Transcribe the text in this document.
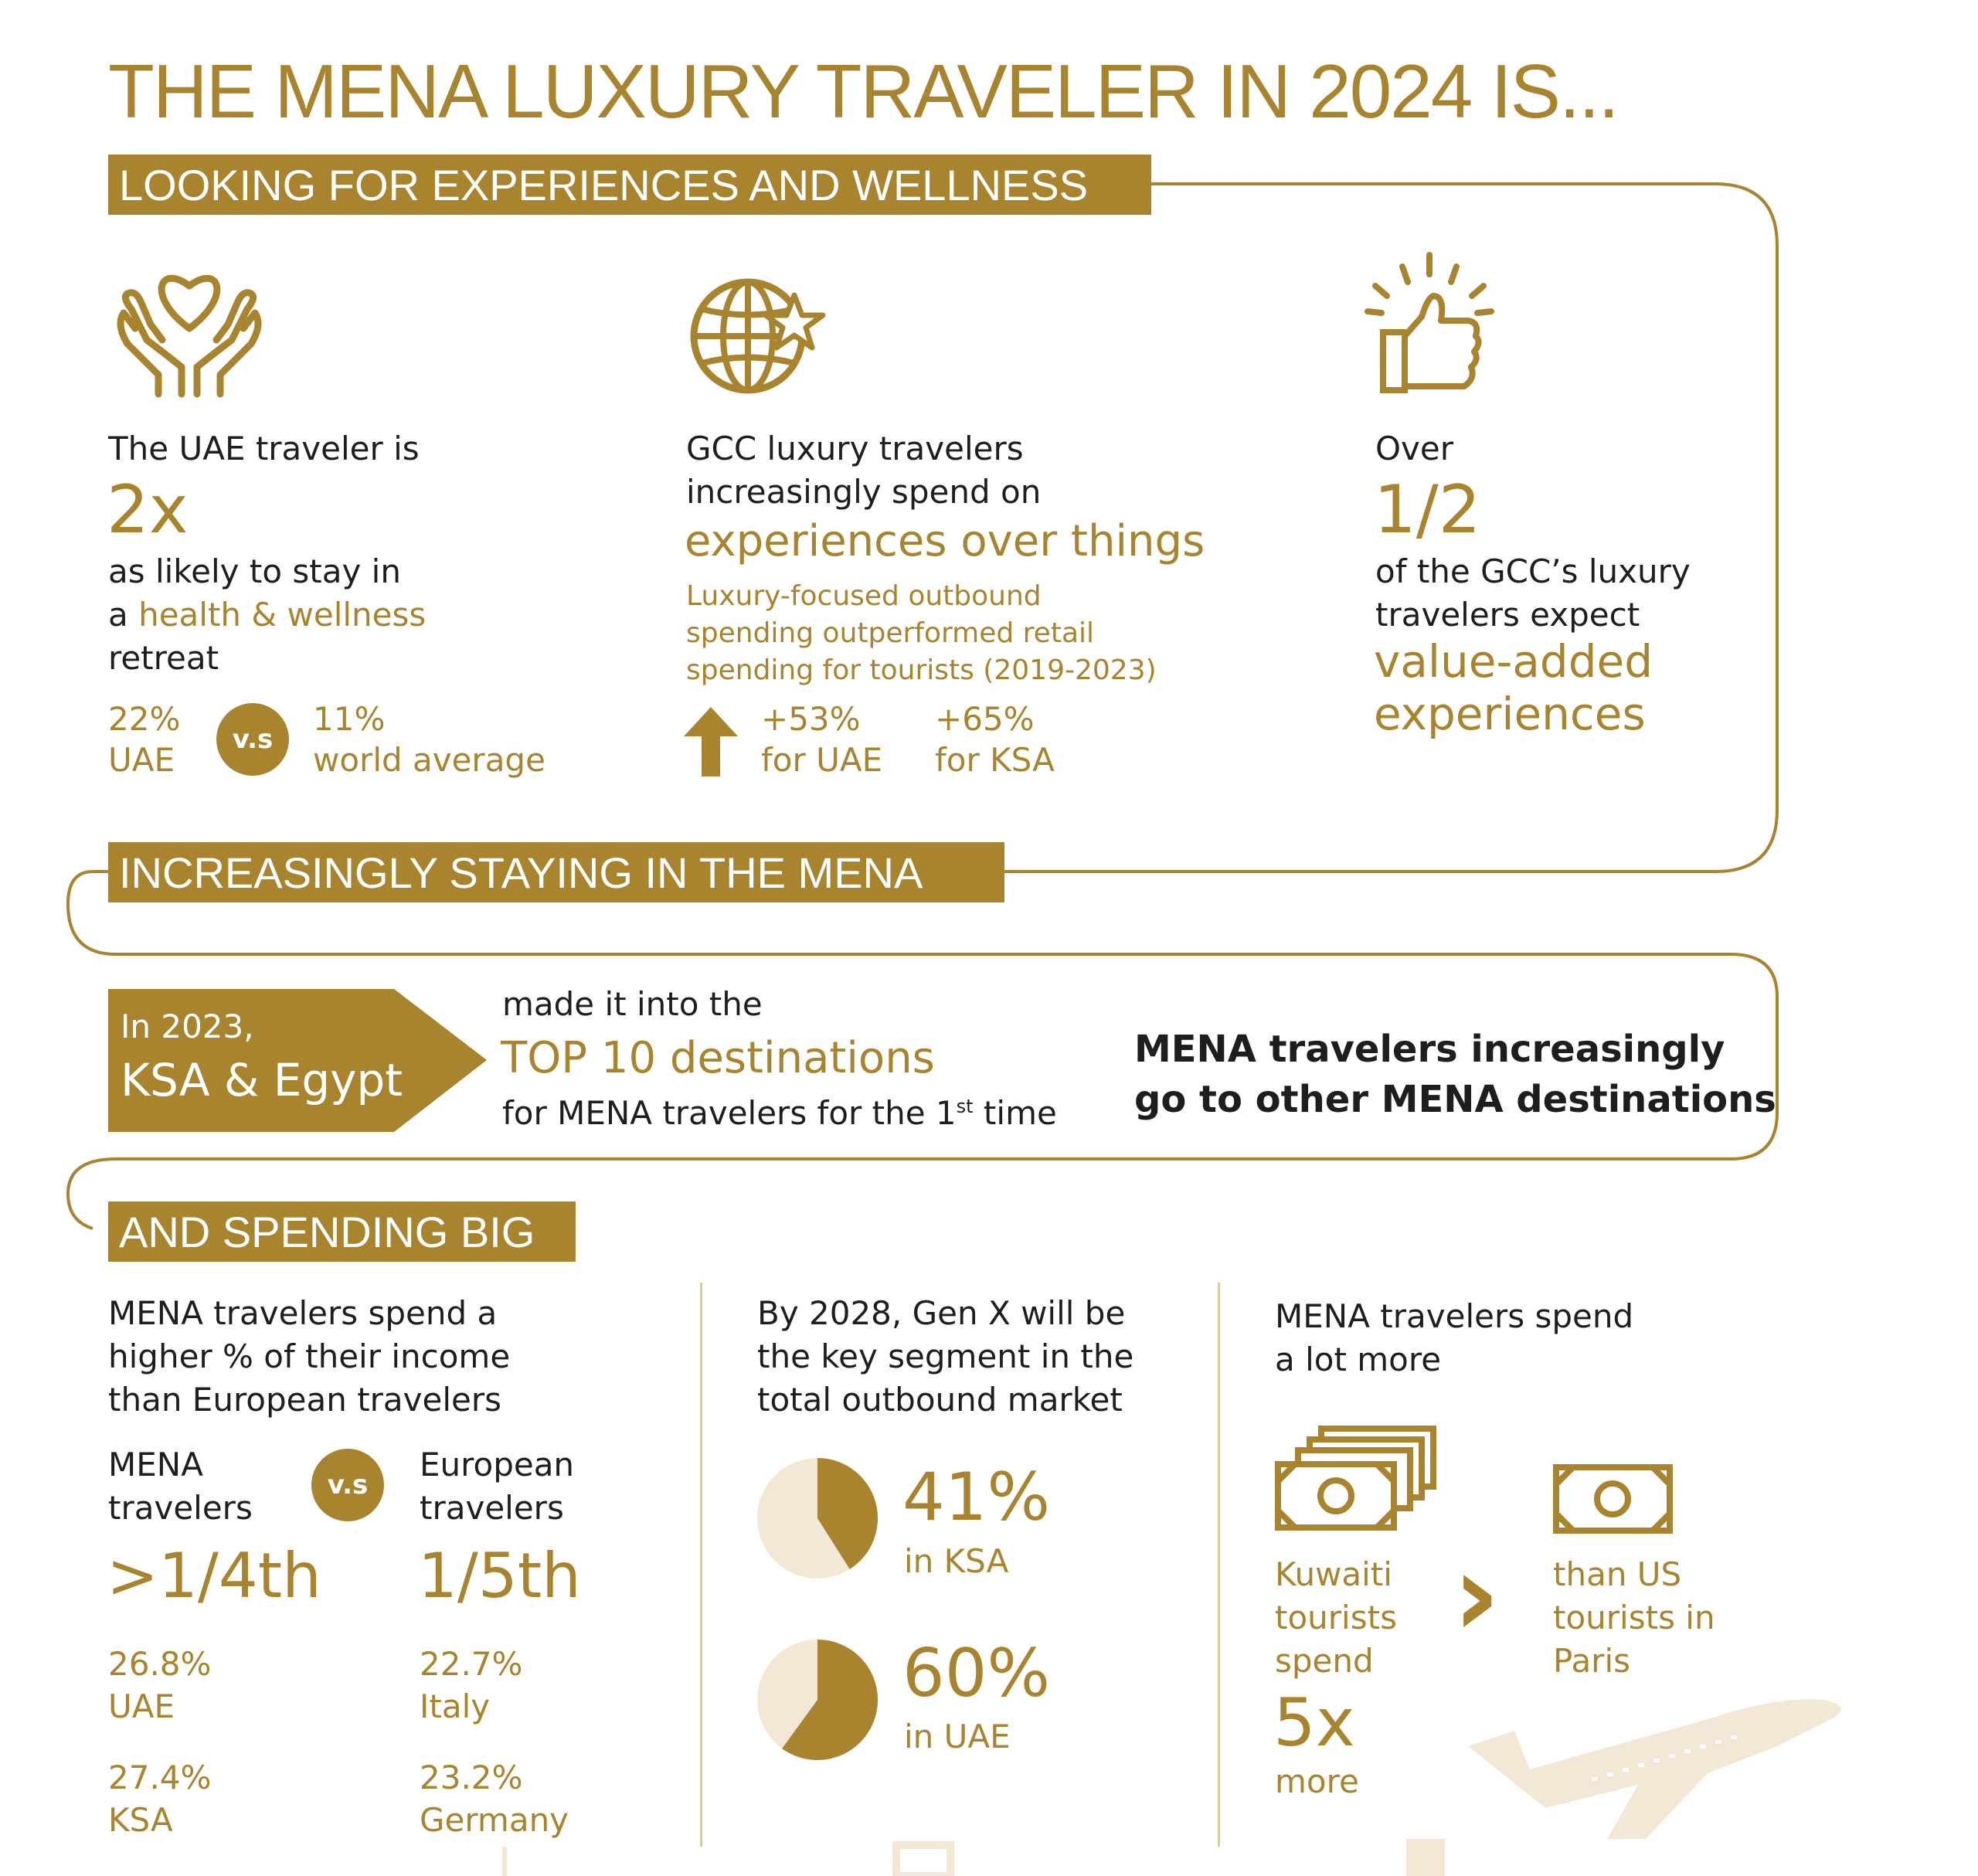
THE MENA LUXURY TRAVELER IN 2024 IS...
LOOKING FOR EXPERIENCES AND WELLNESS
The UAE traveler is
2x
as likely to stay in
a health & wellness
retreat
22%
UAE
v.s
11%
world average
GCC luxury travelers
increasingly spend on
experiences over things
Luxury-focused outbound
spending outperformed retail
spending for tourists (2019-2023)
+53%
for UAE
+65%
for KSA
Over
1/2
of the GCC’s luxury
travelers expect
value-added
experiences
INCREASINGLY STAYING IN THE MENA
In 2023,
KSA & Egypt
made it into the
TOP 10 destinations
for MENA travelers for the 1st time
MENA travelers increasingly
go to other MENA destinations
AND SPENDING BIG
MENA travelers spend a
higher % of their income
than European travelers
MENA
travelers
v.s
European
travelers
>1/4th 1/5th
26.8%
UAE
27.4%
KSA
22.7%
Italy
23.2%
Germany
By 2028, Gen X will be
the key segment in the
total outbound market
41%
in KSA
60%
in UAE
MENA travelers spend
a lot more
Kuwaiti
tourists
spend
5x
more
› than US
tourists in
Paris
